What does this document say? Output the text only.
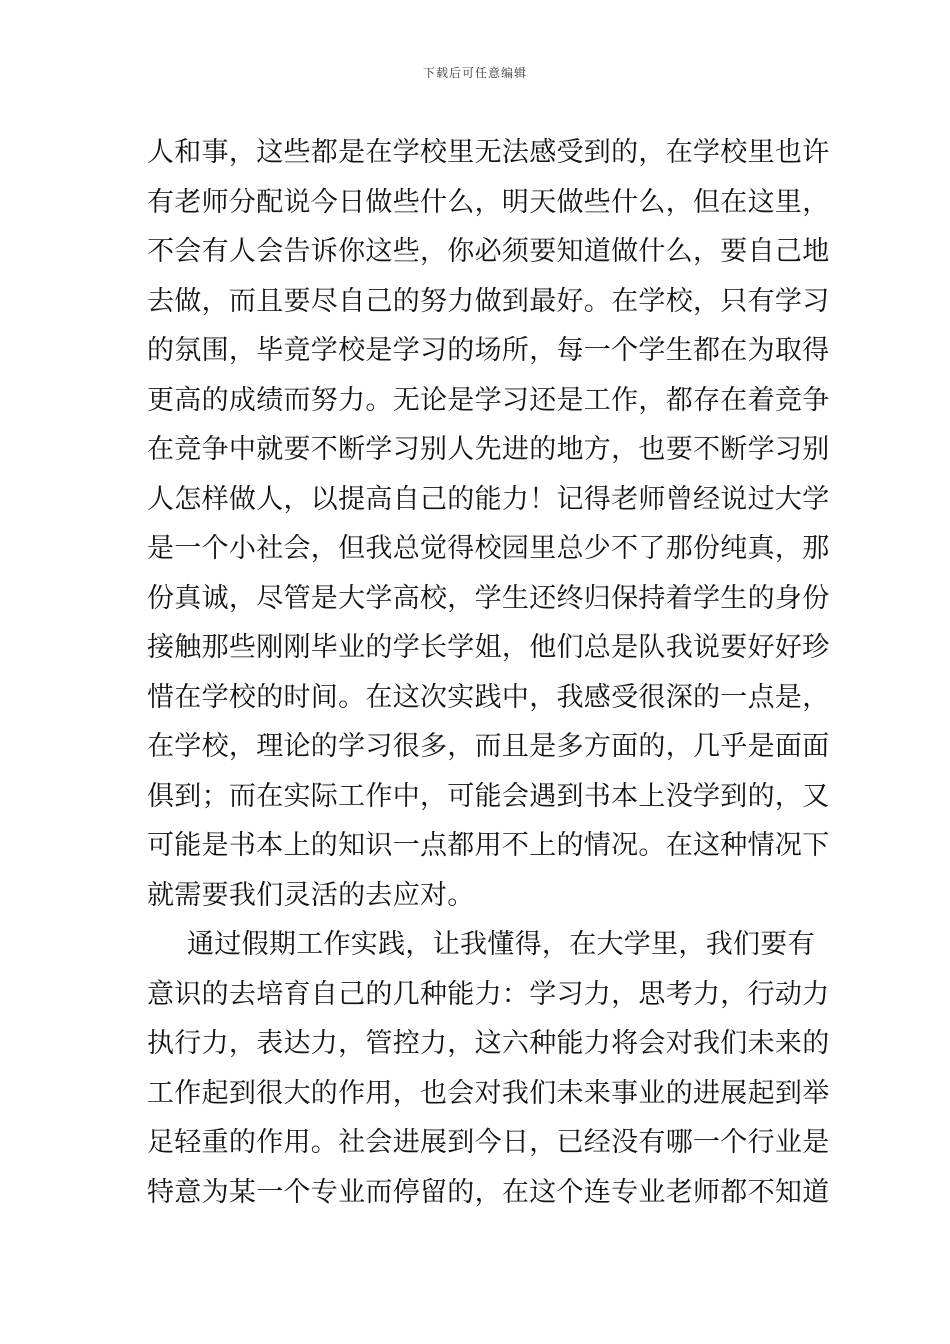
下载后可任意编辑
人和事，这些都是在学校里无法感受到的，在学校里也许
有老师分配说今日做些什么，明天做些什么，但在这里，
不会有人会告诉你这些，你必须要知道做什么，要自己地
去做，而且要尽自己的努力做到最好。在学校，只有学习
的氛围，毕竟学校是学习的场所，每一个学生都在为取得
更高的成绩而努力。无论是学习还是工作，都存在着竞争
在竞争中就要不断学习别人先进的地方，也要不断学习别
人怎样做人，以提高自己的能力！记得老师曾经说过大学
是一个小社会，但我总觉得校园里总少不了那份纯真，那
份真诚，尽管是大学高校，学生还终归保持着学生的身份
接触那些刚刚毕业的学长学姐，他们总是队我说要好好珍
惜在学校的时间。在这次实践中，我感受很深的一点是，
在学校，理论的学习很多，而且是多方面的，几乎是面面
俱到；而在实际工作中，可能会遇到书本上没学到的，又
可能是书本上的知识一点都用不上的情况。在这种情况下
就需要我们灵活的去应对。
通过假期工作实践，让我懂得，在大学里，我们要有
意识的去培育自己的几种能力：学习力，思考力，行动力
执行力，表达力，管控力，这六种能力将会对我们未来的
工作起到很大的作用，也会对我们未来事业的进展起到举
足轻重的作用。社会进展到今日，已经没有哪一个行业是
特意为某一个专业而停留的，在这个连专业老师都不知道
